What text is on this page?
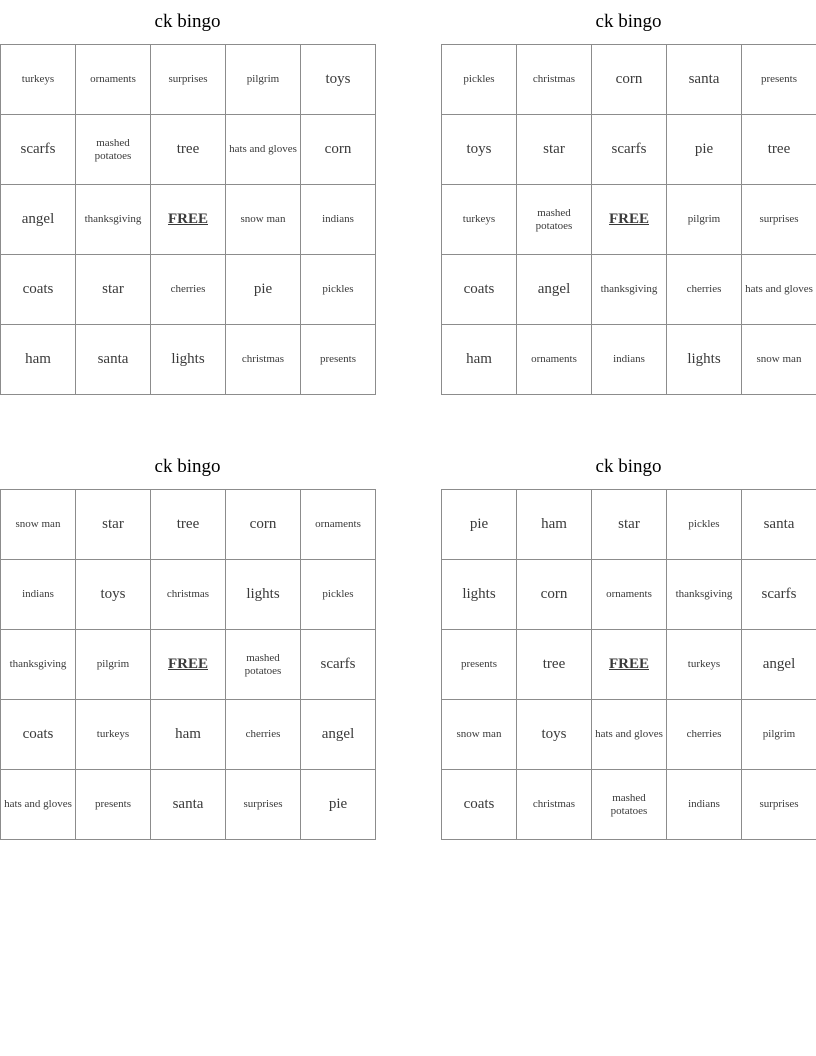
ck bingo
turkeys	ornaments	surprises	pilgrim	toys
scarfs	mashed potatoes	tree	hats and gloves	corn
angel	thanksgiving	FREE	snow man	indians
coats	star	cherries	pie	pickles
ham	santa	lights	christmas	presents
ck bingo
pickles	christmas	corn	santa	presents
toys	star	scarfs	pie	tree
turkeys	mashed potatoes	FREE	pilgrim	surprises
coats	angel	thanksgiving	cherries	hats and gloves
ham	ornaments	indians	lights	snow man
ck bingo
snow man	star	tree	corn	ornaments
indians	toys	christmas	lights	pickles
thanksgiving	pilgrim	FREE	mashed potatoes	scarfs
coats	turkeys	ham	cherries	angel
hats and gloves	presents	santa	surprises	pie
ck bingo
pie	ham	star	pickles	santa
lights	corn	ornaments	thanksgiving	scarfs
presents	tree	FREE	turkeys	angel
snow man	toys	hats and gloves	cherries	pilgrim
coats	christmas	mashed potatoes	indians	surprises
